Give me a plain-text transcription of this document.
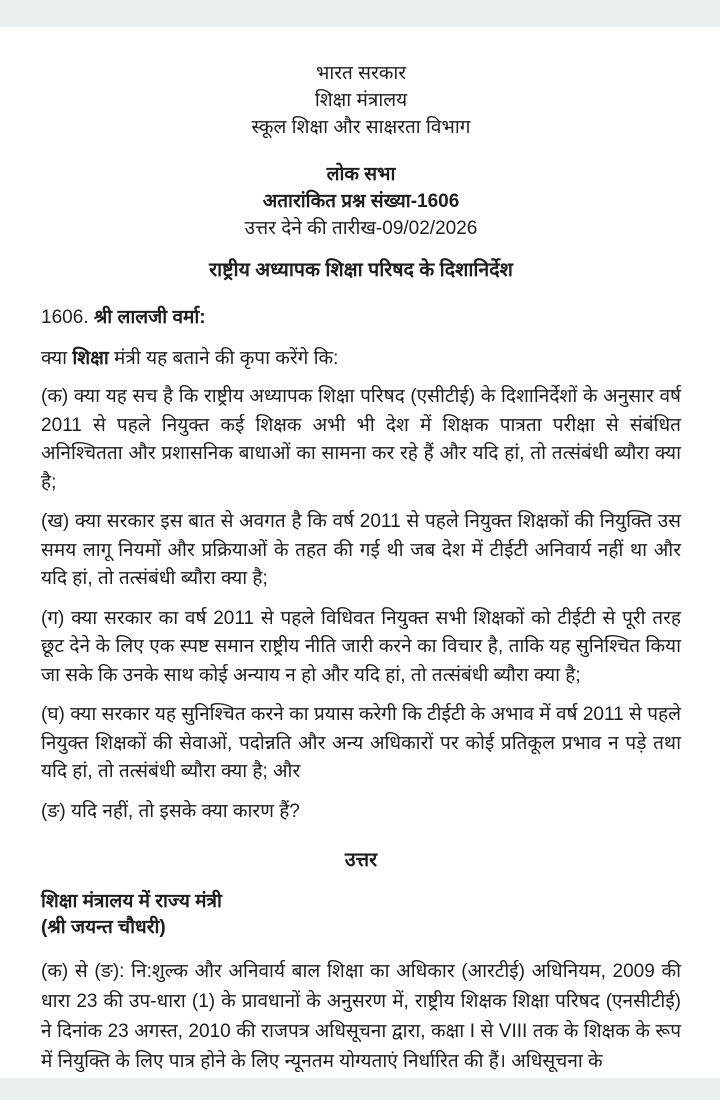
भारत सरकार
शिक्षा मंत्रालय
स्कूल शिक्षा और साक्षरता विभाग
लोक सभा
अतारांकित प्रश्न संख्या-1606
उत्तर देने की तारीख-09/02/2026
राष्ट्रीय अध्यापक शिक्षा परिषद के दिशानिर्देश
1606. श्री लालजी वर्मा:
क्या शिक्षा मंत्री यह बताने की कृपा करेंगे कि:

(क) क्या यह सच है कि राष्ट्रीय अध्यापक शिक्षा परिषद (एसीटीई) के दिशानिर्देशों के अनुसार वर्ष 2011 से पहले नियुक्त कई शिक्षक अभी भी देश में शिक्षक पात्रता परीक्षा से संबंधित अनिश्चितता और प्रशासनिक बाधाओं का सामना कर रहे हैं और यदि हां, तो तत्संबंधी ब्यौरा क्या है;

(ख) क्या सरकार इस बात से अवगत है कि वर्ष 2011 से पहले नियुक्त शिक्षकों की नियुक्ति उस समय लागू नियमों और प्रक्रियाओं के तहत की गई थी जब देश में टीईटी अनिवार्य नहीं था और यदि हां, तो तत्संबंधी ब्यौरा क्या है;

(ग) क्या सरकार का वर्ष 2011 से पहले विधिवत नियुक्त सभी शिक्षकों को टीईटी से पूरी तरह छूट देने के लिए एक स्पष्ट समान राष्ट्रीय नीति जारी करने का विचार है, ताकि यह सुनिश्चित किया जा सके कि उनके साथ कोई अन्याय न हो और यदि हां, तो तत्संबंधी ब्यौरा क्या है;

(घ) क्या सरकार यह सुनिश्चित करने का प्रयास करेगी कि टीईटी के अभाव में वर्ष 2011 से पहले नियुक्त शिक्षकों की सेवाओं, पदोन्नति और अन्य अधिकारों पर कोई प्रतिकूल प्रभाव न पड़े तथा यदि हां, तो तत्संबंधी ब्यौरा क्या है; और

(ङ) यदि नहीं, तो इसके क्या कारण हैं?

उत्तर
शिक्षा मंत्रालय में राज्य मंत्री
(श्री जयन्त चौधरी)

(क) से (ङ): नि:शुल्क और अनिवार्य बाल शिक्षा का अधिकार (आरटीई) अधिनियम, 2009 की धारा 23 की उप-धारा (1) के प्रावधानों के अनुसरण में, राष्ट्रीय शिक्षक शिक्षा परिषद (एनसीटीई) ने दिनांक 23 अगस्त, 2010 की राजपत्र अधिसूचना द्वारा, कक्षा I से VIII तक के शिक्षक के रूप में नियुक्ति के लिए पात्र होने के लिए न्यूनतम योग्यताएं निर्धारित की हैं। अधिसूचना के
